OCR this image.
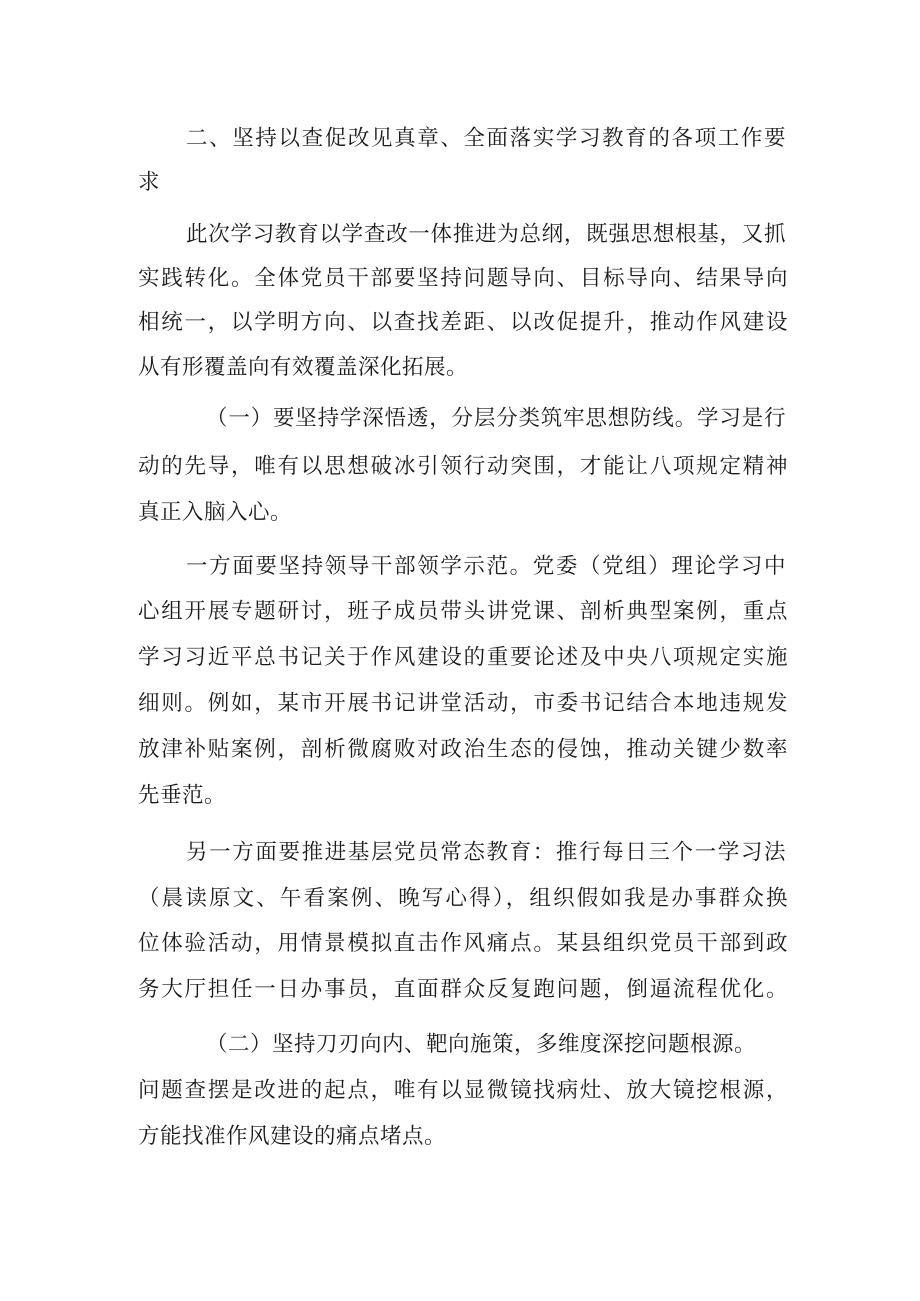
二、坚持以查促改见真章、全面落实学习教育的各项工作要

求

此次学习教育以学查改一体推进为总纲，既强思想根基，又抓

实践转化。全体党员干部要坚持问题导向、目标导向、结果导向

相统一，以学明方向、以查找差距、以改促提升，推动作风建设

从有形覆盖向有效覆盖深化拓展。

（一）要坚持学深悟透，分层分类筑牢思想防线。学习是行

动的先导，唯有以思想破冰引领行动突围，才能让八项规定精神

真正入脑入心。

一方面要坚持领导干部领学示范。党委（党组）理论学习中

心组开展专题研讨，班子成员带头讲党课、剖析典型案例，重点

学习习近平总书记关于作风建设的重要论述及中央八项规定实施

细则。例如，某市开展书记讲堂活动，市委书记结合本地违规发

放津补贴案例，剖析微腐败对政治生态的侵蚀，推动关键少数率

先垂范。

另一方面要推进基层党员常态教育：推行每日三个一学习法

（晨读原文、午看案例、晚写心得），组织假如我是办事群众换

位体验活动，用情景模拟直击作风痛点。某县组织党员干部到政

务大厅担任一日办事员，直面群众反复跑问题，倒逼流程优化。

（二）坚持刀刃向内、靶向施策，多维度深挖问题根源。

问题查摆是改进的起点，唯有以显微镜找病灶、放大镜挖根源，

方能找准作风建设的痛点堵点。
